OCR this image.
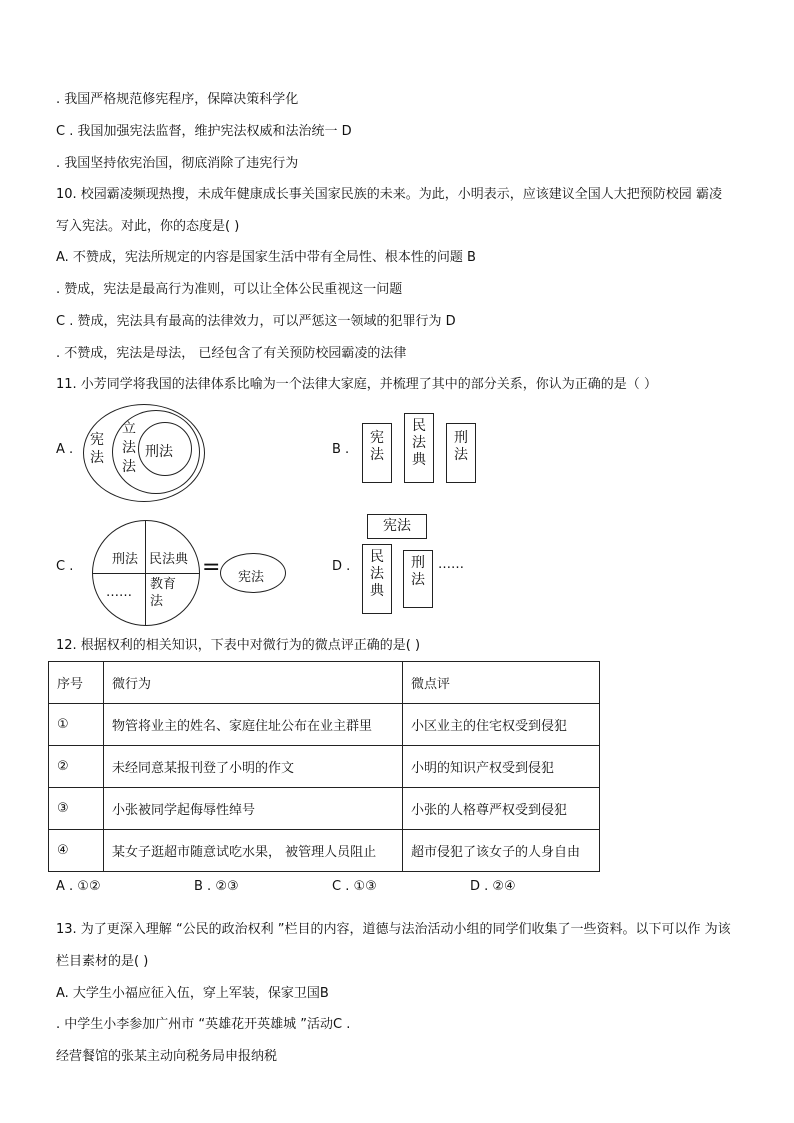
. 我国严格规范修宪程序，保障决策科学化
C . 我国加强宪法监督，维护宪法权威和法治统一 D
. 我国坚持依宪治国，彻底消除了违宪行为
10. 校园霸凌频现热搜，未成年健康成长事关国家民族的未来。为此，小明表示，应该建议全国人大把预防校园 霸凌
写入宪法。对此，你的态度是( )
A. 不赞成，宪法所规定的内容是国家生活中带有全局性、根本性的问题 B
. 赞成，宪法是最高行为准则，可以让全体公民重视这一问题
C . 赞成，宪法具有最高的法律效力，可以严惩这一领域的犯罪行为 D
. 不赞成，宪法是母法， 已经包含了有关预防校园霸凌的法律
11. 小芳同学将我国的法律体系比喻为一个法律大家庭，并梳理了其中的部分关系，你认为正确的是（ ）
A .
宪
法
立
法
法
刑法	B .
宪
法
民
法
典
刑
法
C .	刑法 民法典
……
教育
法
= 宪法
D .
宪法
民
法
典
刑
法
……
12. 根据权利的相关知识，下表中对微行为的微点评正确的是( )
序号	微行为	微点评
①	物管将业主的姓名、家庭住址公布在业主群里	小区业主的住宅权受到侵犯
②	未经同意某报刊登了小明的作文	小明的知识产权受到侵犯
③	小张被同学起侮辱性绰号	小张的人格尊严权受到侵犯
④	某女子逛超市随意试吃水果， 被管理人员阻止	超市侵犯了该女子的人身自由
A . ①②	B . ②③	C . ①③	D . ②④
13. 为了更深入理解 “公民的政治权利 ”栏目的内容，道德与法治活动小组的同学们收集了一些资料。以下可以作 为该
栏目素材的是( )
A. 大学生小福应征入伍，穿上军装，保家卫国B
. 中学生小李参加广州市 “英雄花开英雄城 ”活动C .
经营餐馆的张某主动向税务局申报纳税
